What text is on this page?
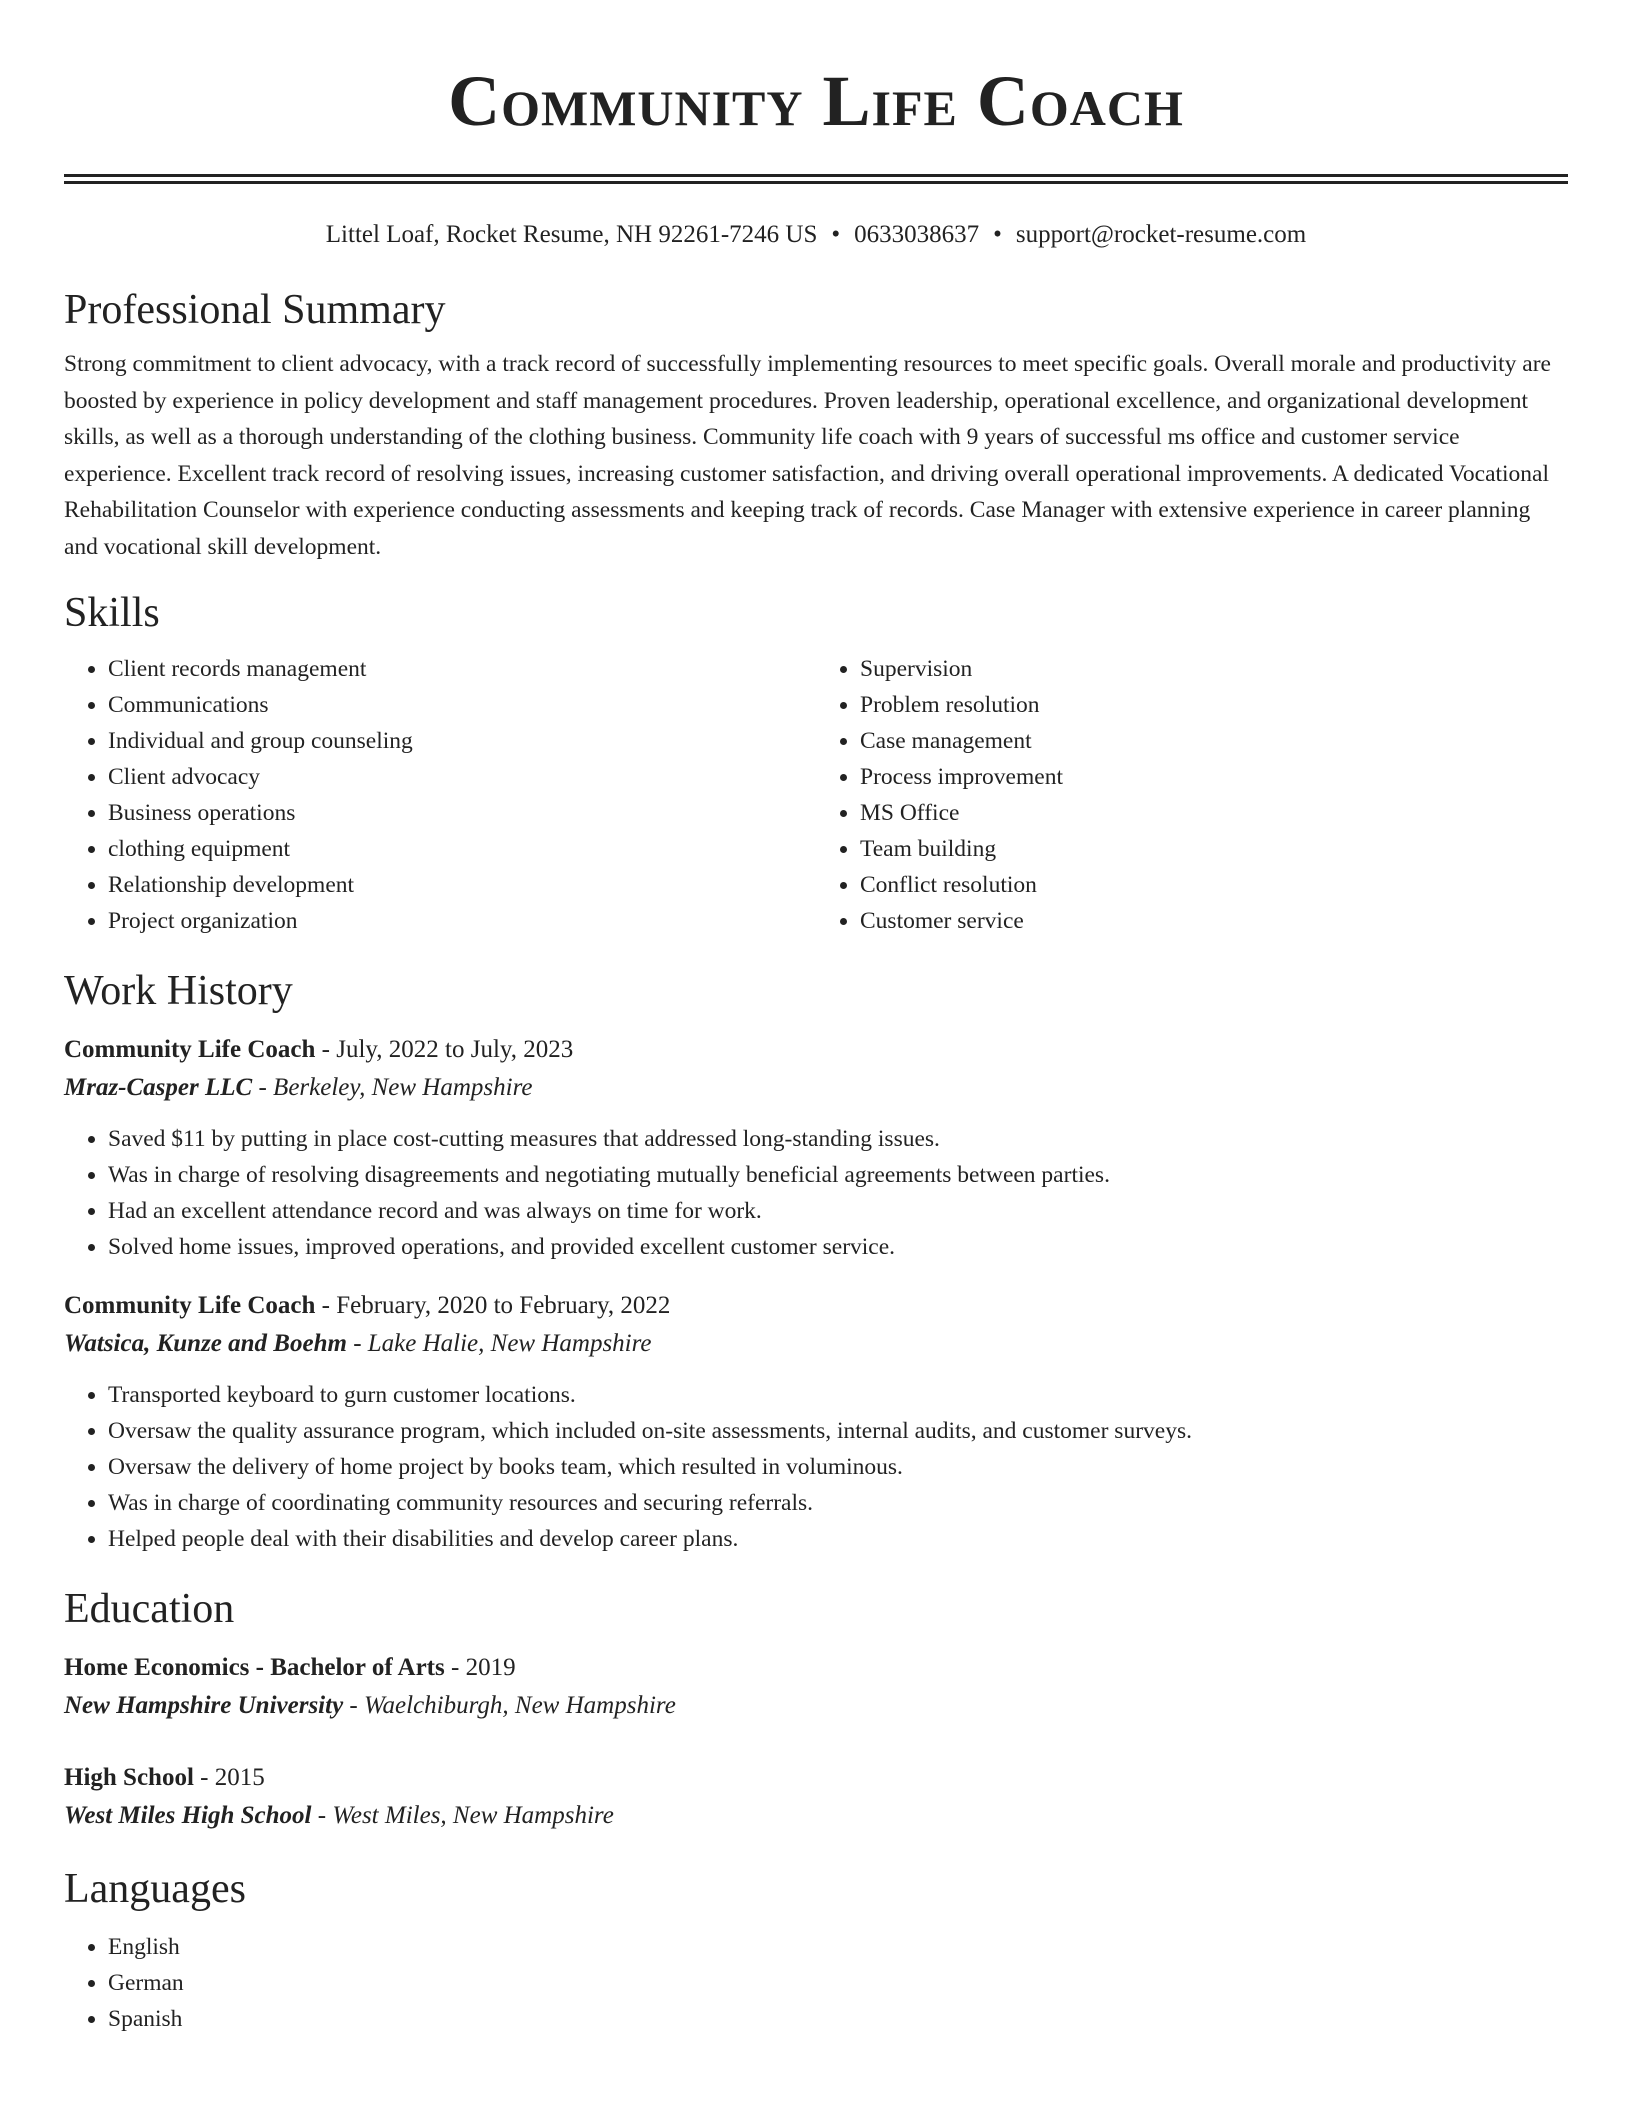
Community Life Coach
Littel Loaf, Rocket Resume, NH 92261-7246 US • 0633038637 • support@rocket-resume.com
Professional Summary

Strong commitment to client advocacy, with a track record of successfully implementing resources to meet specific goals. Overall morale and productivity are boosted by experience in policy development and staff management procedures. Proven leadership, operational excellence, and organizational development skills, as well as a thorough understanding of the clothing business. Community life coach with 9 years of successful ms office and customer service experience. Excellent track record of resolving issues, increasing customer satisfaction, and driving overall operational improvements. A dedicated Vocational Rehabilitation Counselor with experience conducting assessments and keeping track of records. Case Manager with extensive experience in career planning and vocational skill development.

Skills
• Client records management
• Communications
• Individual and group counseling
• Client advocacy
• Business operations
• clothing equipment
• Relationship development
• Project organization
• Supervision
• Problem resolution
• Case management
• Process improvement
• MS Office
• Team building
• Conflict resolution
• Customer service
Work History
Community Life Coach - July, 2022 to July, 2023
Mraz-Casper LLC - Berkeley, New Hampshire
• Saved $11 by putting in place cost-cutting measures that addressed long-standing issues.
• Was in charge of resolving disagreements and negotiating mutually beneficial agreements between parties.
• Had an excellent attendance record and was always on time for work.
• Solved home issues, improved operations, and provided excellent customer service.
Community Life Coach - February, 2020 to February, 2022
Watsica, Kunze and Boehm - Lake Halie, New Hampshire
• Transported keyboard to gurn customer locations.
• Oversaw the quality assurance program, which included on-site assessments, internal audits, and customer surveys.
• Oversaw the delivery of home project by books team, which resulted in voluminous.
• Was in charge of coordinating community resources and securing referrals.
• Helped people deal with their disabilities and develop career plans.
Education
Home Economics - Bachelor of Arts - 2019
New Hampshire University - Waelchiburgh, New Hampshire
High School - 2015
West Miles High School - West Miles, New Hampshire
Languages
• English
• German
• Spanish
